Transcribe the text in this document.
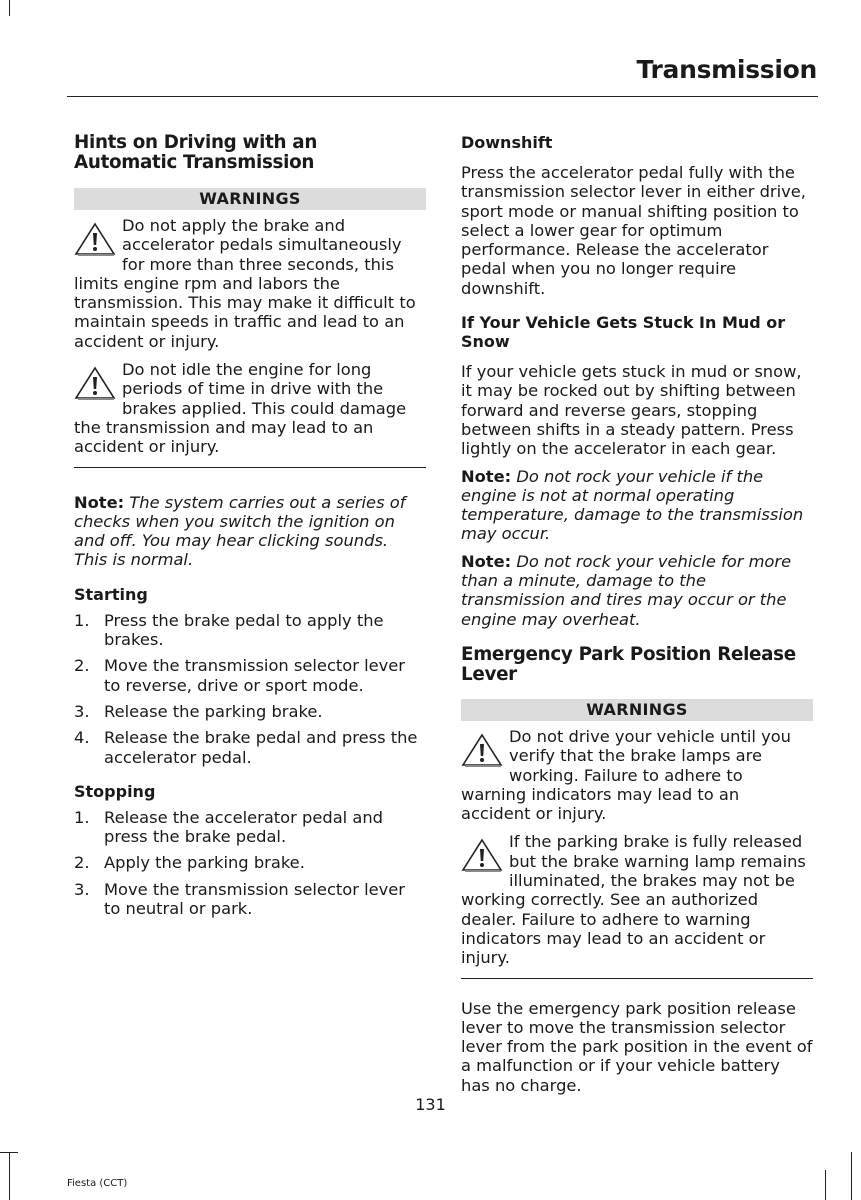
Transmission
Hints on Driving with an Automatic Transmission
WARNINGS

Do not apply the brake and accelerator pedals simultaneously for more than three seconds, this limits engine rpm and labors the transmission. This may make it difficult to maintain speeds in traffic and lead to an accident or injury.

Do not idle the engine for long periods of time in drive with the brakes applied. This could damage the transmission and may lead to an accident or injury.

Note: The system carries out a series of checks when you switch the ignition on and off. You may hear clicking sounds. This is normal.

Starting
1. Press the brake pedal to apply the brakes.
2. Move the transmission selector lever to reverse, drive or sport mode.
3. Release the parking brake.
4. Release the brake pedal and press the accelerator pedal.
Stopping
1. Release the accelerator pedal and press the brake pedal.
2. Apply the parking brake.
3. Move the transmission selector lever to neutral or park.
Downshift

Press the accelerator pedal fully with the transmission selector lever in either drive, sport mode or manual shifting position to select a lower gear for optimum performance. Release the accelerator pedal when you no longer require downshift.

If Your Vehicle Gets Stuck In Mud or Snow

If your vehicle gets stuck in mud or snow, it may be rocked out by shifting between forward and reverse gears, stopping between shifts in a steady pattern. Press lightly on the accelerator in each gear.

Note: Do not rock your vehicle if the engine is not at normal operating temperature, damage to the transmission may occur.

Note: Do not rock your vehicle for more than a minute, damage to the transmission and tires may occur or the engine may overheat.

Emergency Park Position Release Lever
WARNINGS

Do not drive your vehicle until you verify that the brake lamps are working. Failure to adhere to warning indicators may lead to an accident or injury.

If the parking brake is fully released but the brake warning lamp remains illuminated, the brakes may not be working correctly. See an authorized dealer. Failure to adhere to warning indicators may lead to an accident or injury.

Use the emergency park position release lever to move the transmission selector lever from the park position in the event of a malfunction or if your vehicle battery has no charge.

131
Fiesta (CCT)
